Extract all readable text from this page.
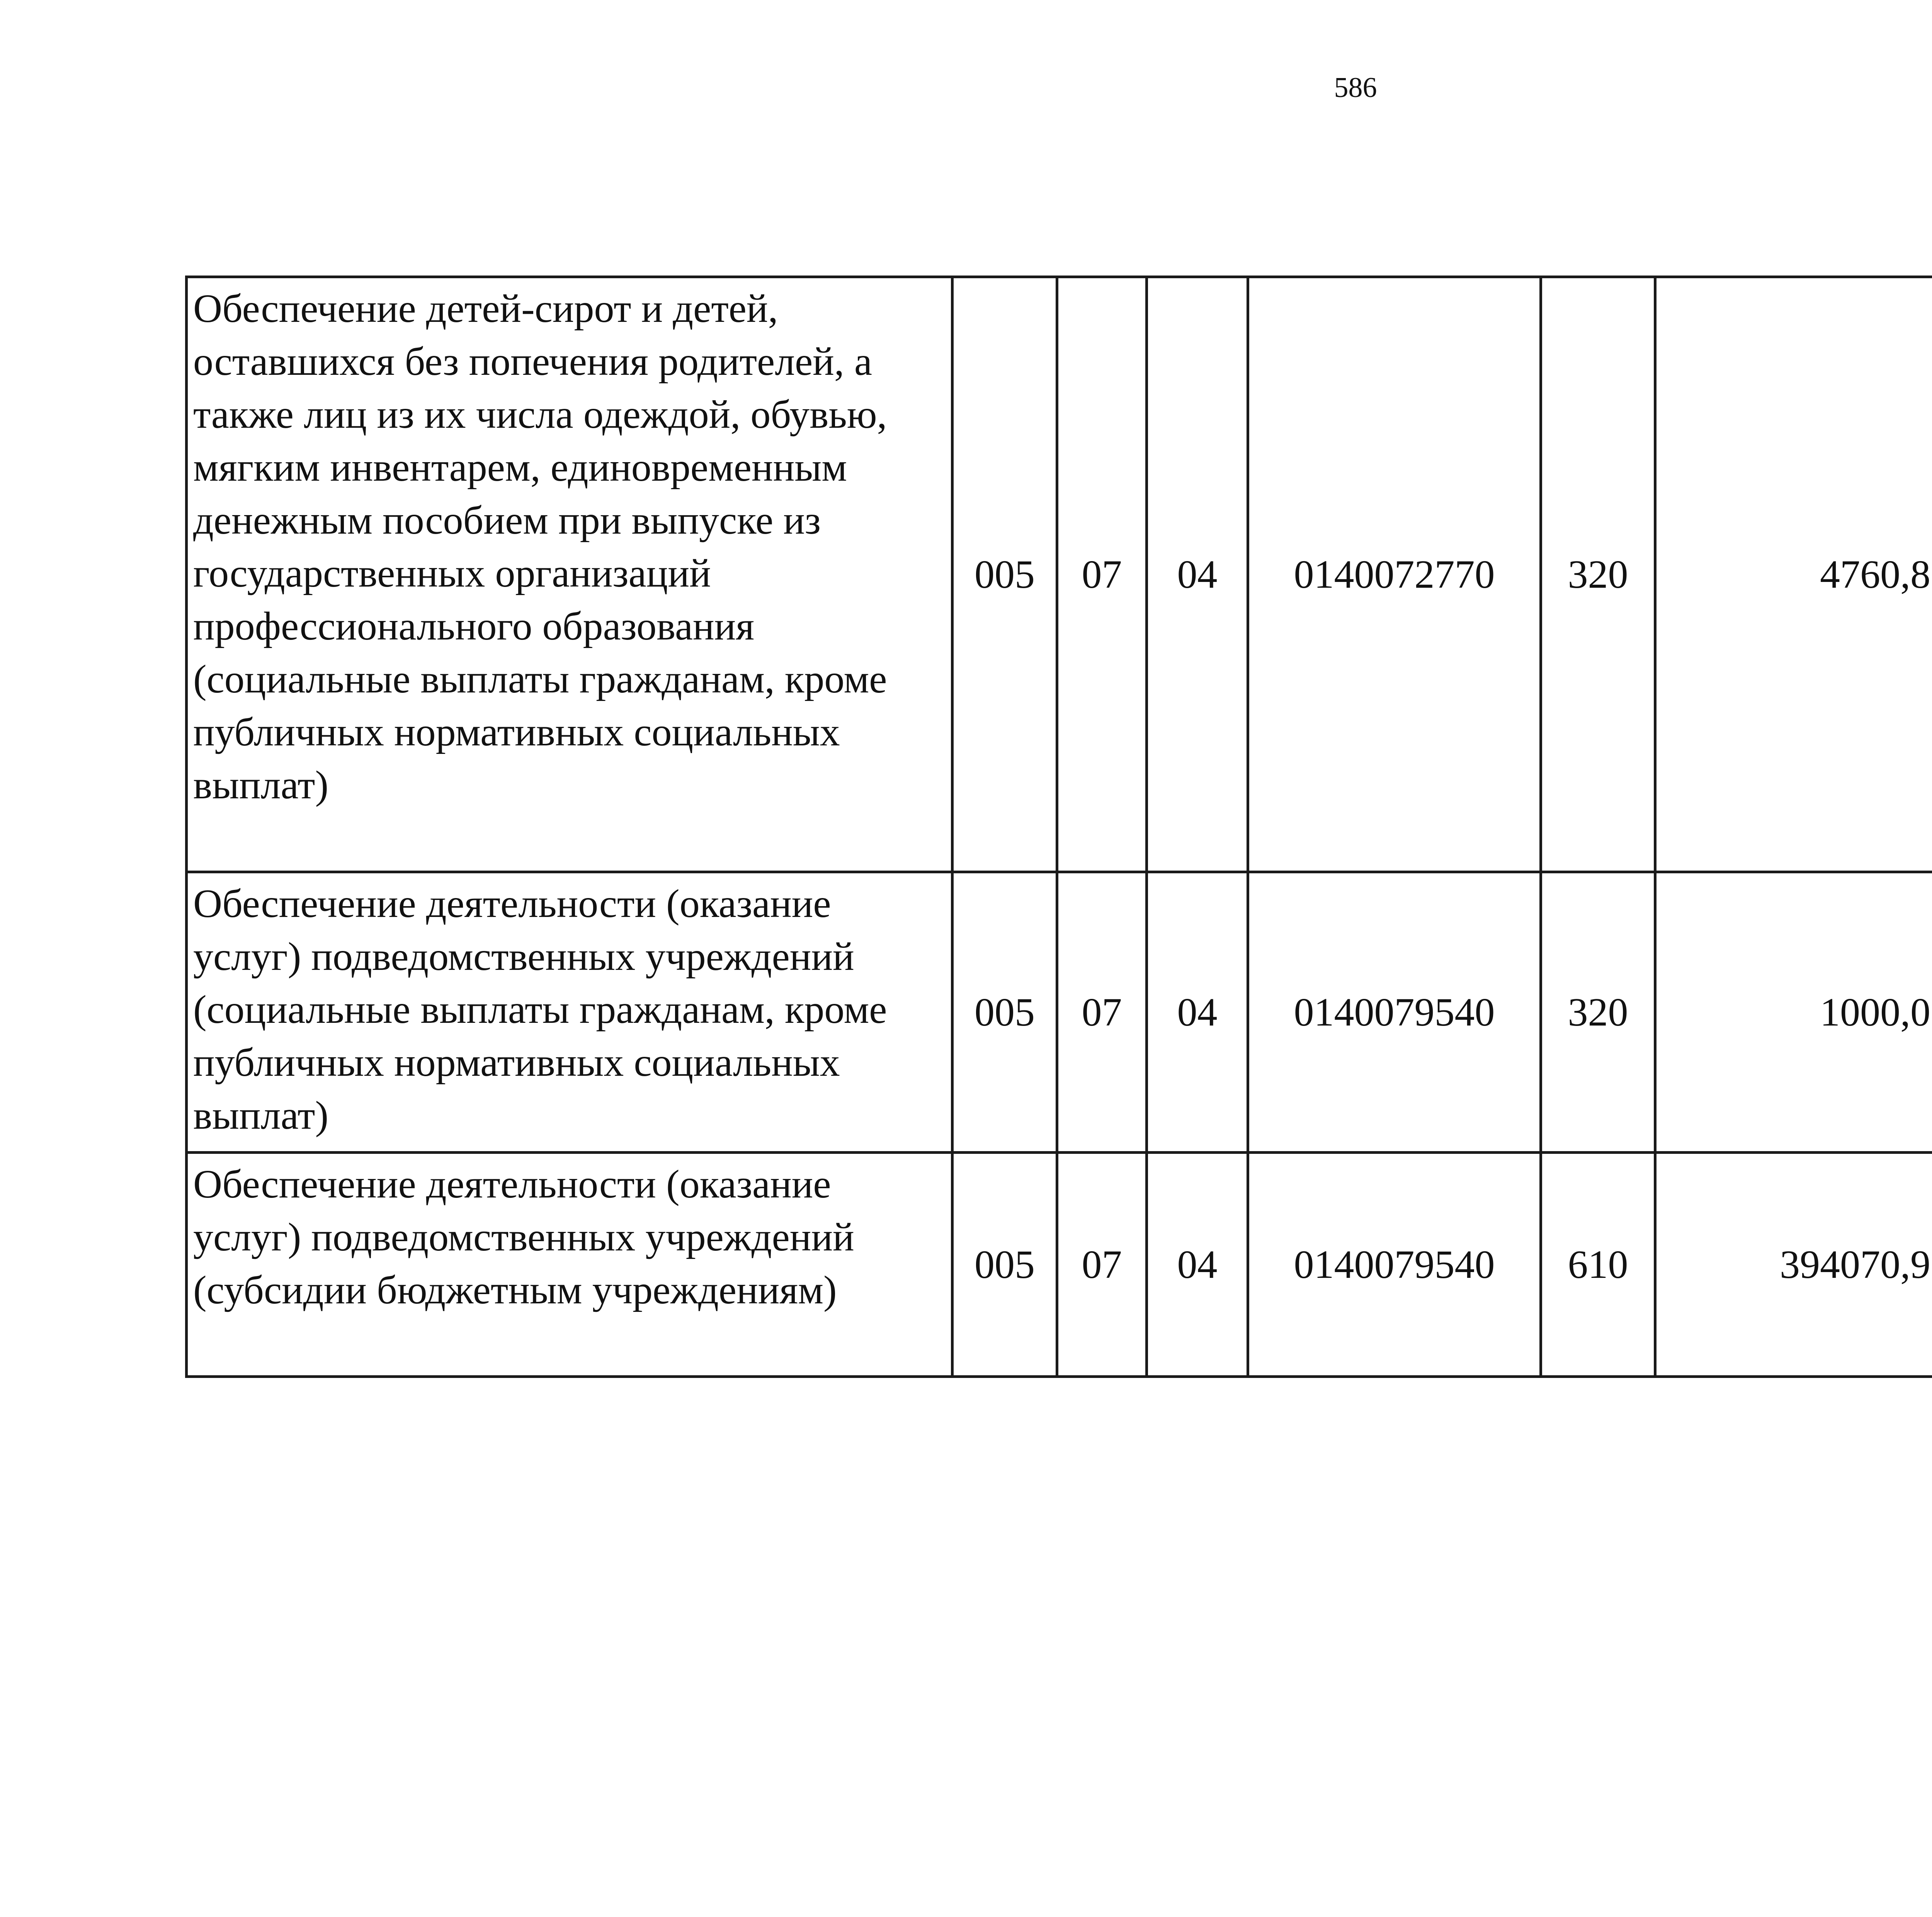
586
Обеспечение детей-сирот и детей, оставшихся без попечения родителей, а также лиц из их числа одеждой, обувью, мягким инвентарем, единовременным денежным пособием при выпуске из государственных организаций профессионального образования (социальные выплаты гражданам, кроме публичных нормативных социальных выплат)	005	07	04	0140072770	320	4760,8		
Обеспечение деятельности (оказание услуг) подведомственных учреждений (социальные выплаты гражданам, кроме публичных нормативных социальных выплат)	005	07	04	0140079540	320	1000,0		
Обеспечение деятельности (оказание услуг) подведомственных учреждений (субсидии бюджетным учреждениям)	005	07	04	0140079540	610	394070,9		
